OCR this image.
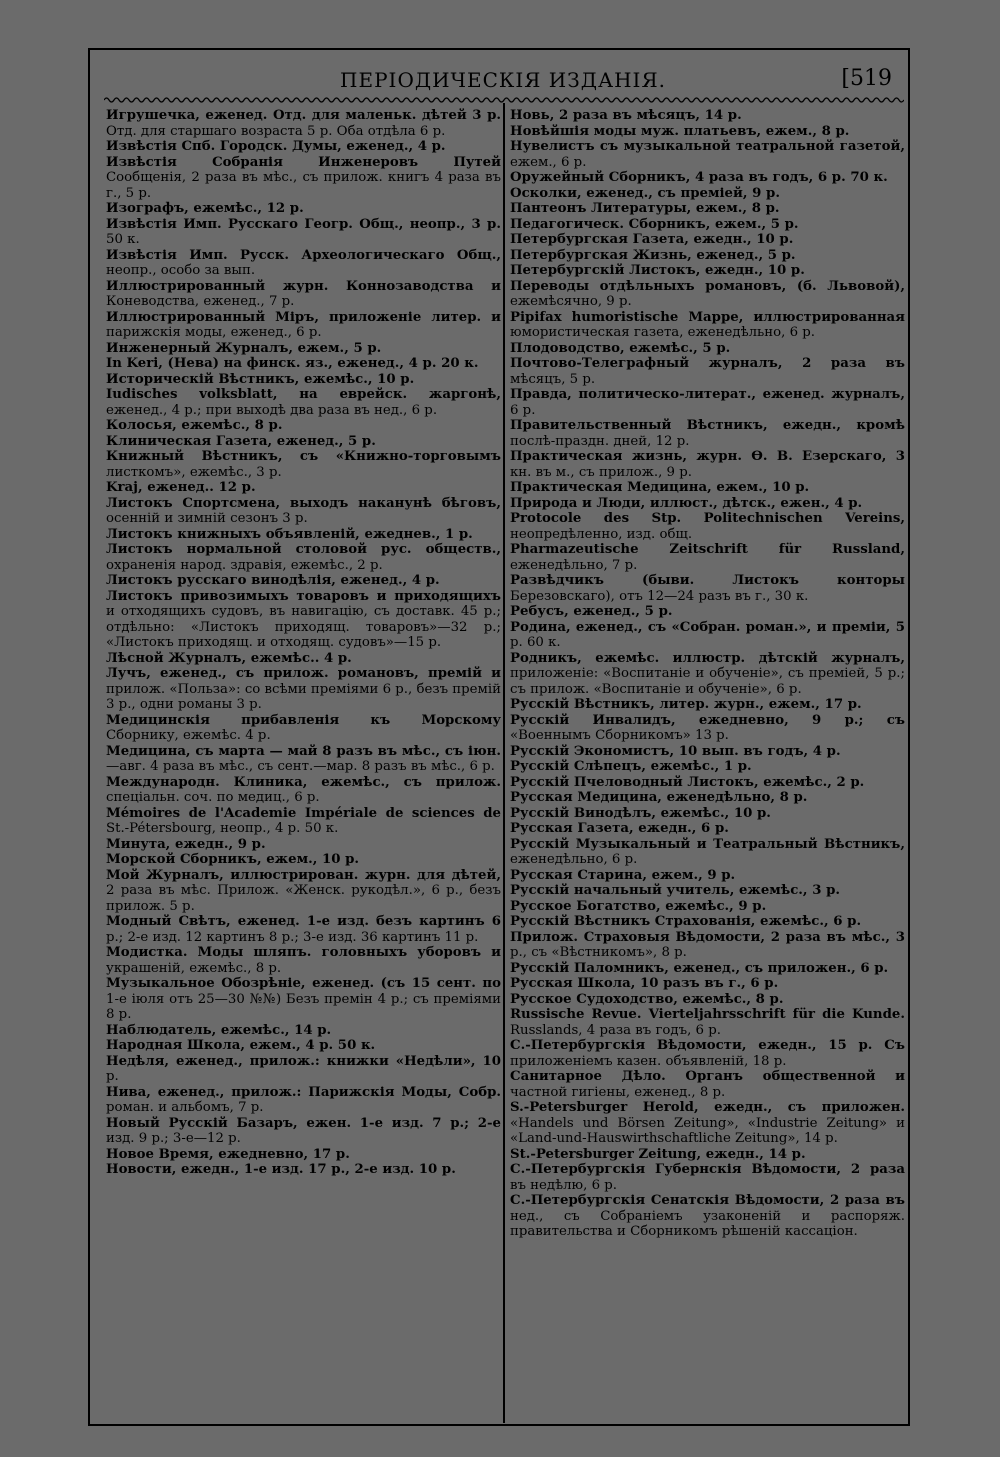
ПЕРІОДИЧЕСКІЯ ИЗДАНІЯ.	[519
Игрушечка, еженед. Отд. для маленьк. дѣтей 3 р. Отд. для старшаго возраста 5 р. Оба отдѣла 6 р.
Извѣстія Спб. Городск. Думы, еженед., 4 р.
Извѣстія Собранія Инженеровъ Путей Сообщенія, 2 раза въ мѣс., съ прилож. книгъ 4 раза въ г., 5 р.
Изографъ, ежемѣс., 12 р.
Извѣстія Имп. Русскаго Геогр. Общ., неопр., 3 р. 50 к.
Извѣстія Имп. Русск. Археологическаго Общ., неопр., особо за вып.
Иллюстрированный журн. Коннозаводства и Коневодства, еженед., 7 р.
Иллюстрированный Міръ, приложеніе литер. и парижскія моды, еженед., 6 р.
Инженерный Журналъ, ежем., 5 р.
In Keri, (Нева) на финск. яз., еженед., 4 р. 20 к.
Историческій Вѣстникъ, ежемѣс., 10 р.
Iudisches volksblatt, на еврейск. жаргонѣ, еженед., 4 р.; при выходѣ два раза въ нед., 6 р.
Колосья, ежемѣс., 8 р.
Клиническая Газета, еженед., 5 р.
Книжный Вѣстникъ, съ «Книжно-торговымъ листкомъ», ежемѣс., 3 р.
Kraj, еженед.. 12 р.
Листокъ Спортсмена, выходъ наканунѣ бѣговъ, осенній и зимній сезонъ 3 р.
Листокъ книжныхъ объявленій, ежеднев., 1 р.
Листокъ нормальной столовой рус. обществ., охраненія народ. здравія, ежемѣс., 2 р.
Листокъ русскаго винодѣлія, еженед., 4 р.
Листокъ привозимыхъ товаровъ и приходящихъ и отходящихъ судовъ, въ навигацію, съ доставк. 45 р.; отдѣльно: «Листокъ приходящ. товаровъ»—32 р.; «Листокъ приходящ. и отходящ. судовъ»—15 р.
Лѣсной Журналъ, ежемѣс.. 4 р.
Лучъ, еженед., съ прилож. романовъ, премій и прилож. «Польза»: со всѣми преміями 6 р., безъ премій 3 р., одни романы 3 р.
Медицинскія прибавленія къ Морскому Сборнику, ежемѣс. 4 р.
Медицина, съ марта — май 8 разъ въ мѣс., съ іюн.—авг. 4 раза въ мѣс., съ сент.—мар. 8 разъ въ мѣс., 6 р.
Международн. Клиника, ежемѣс., съ прилож. спеціальн. соч. по медиц., 6 р.
Mémoires de l'Academie Impériale de sciences de St.-Pétersbourg, неопр., 4 р. 50 к.
Минута, ежедн., 9 р.
Морской Сборникъ, ежем., 10 р.
Мой Журналъ, иллюстрирован. журн. для дѣтей, 2 раза въ мѣс. Прилож. «Женск. рукодѣл.», 6 р., безъ прилож. 5 р.
Модный Свѣтъ, еженед. 1-е изд. безъ картинъ 6 р.; 2-е изд. 12 картинъ 8 р.; 3-е изд. 36 картинъ 11 р.
Модистка. Моды шляпъ. головныхъ уборовъ и украшеній, ежемѣс., 8 р.
Музыкальное Обозрѣніе, еженед. (съ 15 сент. по 1-е іюля отъ 25—30 №№) Безъ премін 4 р.; съ преміями 8 р.
Наблюдатель, ежемѣс., 14 р.
Народная Школа, ежем., 4 р. 50 к.
Недѣля, еженед., прилож.: книжки «Недѣли», 10 р.
Нива, еженед., прилож.: Парижскія Моды, Собр. роман. и альбомъ, 7 р.
Новый Русскій Базаръ, ежен. 1-е изд. 7 р.; 2-е изд. 9 р.; 3-е—12 р.
Новое Время, ежедневно, 17 р.
Новости, ежедн., 1-е изд. 17 р., 2-е изд. 10 р.
Новь, 2 раза въ мѣсяцъ, 14 р.
Новѣйшія моды муж. платьевъ, ежем., 8 р.
Нувелистъ съ музыкальной театральной газетой, ежем., 6 р.
Оружейный Сборникъ, 4 раза въ годъ, 6 р. 70 к.
Осколки, еженед., съ преміей, 9 р.
Пантеонъ Литературы, ежем., 8 р.
Педагогическ. Сборникъ, ежем., 5 р.
Петербургская Газета, ежедн., 10 р.
Петербургская Жизнь, еженед., 5 р.
Петербургскій Листокъ, ежедн., 10 р.
Переводы отдѣльныхъ романовъ, (б. Львовой), ежемѣсячно, 9 р.
Pipifax humoristische Mappe, иллюстрированная юмористическая газета, еженедѣльно, 6 р.
Плодоводство, ежемѣс., 5 р.
Почтово-Телеграфный журналъ, 2 раза въ мѣсяцъ, 5 р.
Правда, политическо-литерат., еженед. журналъ, 6 р.
Правительственный Вѣстникъ, ежедн., кромѣ послѣ-праздн. дней, 12 р.
Практическая жизнь, журн. Ѳ. В. Езерскаго, 3 кн. въ м., съ прилож., 9 р.
Практическая Медицина, ежем., 10 р.
Природа и Люди, иллюст., дѣтск., ежен., 4 р.
Protocole des Stp. Politechnischen Vereins, неопредѣленно, изд. общ.
Pharmazeutische Zeitschrift für Russland, еженедѣльно, 7 р.
Развѣдчикъ (быви. Листокъ конторы Березовскаго), отъ 12—24 разъ въ г., 30 к.
Ребусъ, еженед., 5 р.
Родина, еженед., съ «Собран. роман.», и преміи, 5 р. 60 к.
Родникъ, ежемѣс. иллюстр. дѣтскій журналъ, приложеніе: «Воспитаніе и обученіе», съ преміей, 5 р.; съ прилож. «Воспитаніе и обученіе», 6 р.
Русскій Вѣстникъ, литер. журн., ежем., 17 р.
Русскій Инвалидъ, ежедневно, 9 р.; съ «Военнымъ Сборникомъ» 13 р.
Русскій Экономистъ, 10 вып. въ годъ, 4 р.
Русскій Слѣпецъ, ежемѣс., 1 р.
Русскій Пчеловодный Листокъ, ежемѣс., 2 р.
Русская Медицина, еженедѣльно, 8 р.
Русскій Винодѣлъ, ежемѣс., 10 р.
Русская Газета, ежедн., 6 р.
Русскій Музыкальный и Театральный Вѣстникъ, еженедѣльно, 6 р.
Русская Старина, ежем., 9 р.
Русскій начальный учитель, ежемѣс., 3 р.
Русское Богатство, ежемѣс., 9 р.
Русскій Вѣстникъ Страхованія, ежемѣс., 6 р.
Прилож. Страховыя Вѣдомости, 2 раза въ мѣс., 3 р., съ «Вѣстникомъ», 8 р.
Русскій Паломникъ, еженед., съ приложен., 6 р.
Русская Школа, 10 разъ въ г., 6 р.
Русское Судоходство, ежемѣс., 8 р.
Russische Revue. Vierteljahrsschrift für die Kunde. Russlands, 4 раза въ годъ, 6 р.
С.-Петербургскія Вѣдомости, ежедн., 15 р. Съ приложеніемъ казен. объявленій, 18 р.
Санитарное Дѣло. Органъ общественной и частной гигіены, еженед., 8 р.
S.-Petersburger Herold, ежедн., съ приложен. «Handels und Börsen Zeitung», «Industrie Zeitung» и «Land-und-Hauswirthschaftliche Zeitung», 14 р.
St.-Petersburger Zeitung, ежедн., 14 р.
С.-Петербургскія Губернскія Вѣдомости, 2 раза въ недѣлю, 6 р.
С.-Петербургскія Сенатскія Вѣдомости, 2 раза въ нед., съ Собраніемъ узаконеній и распоряж. правительства и Сборникомъ рѣшеній кассаціон.
